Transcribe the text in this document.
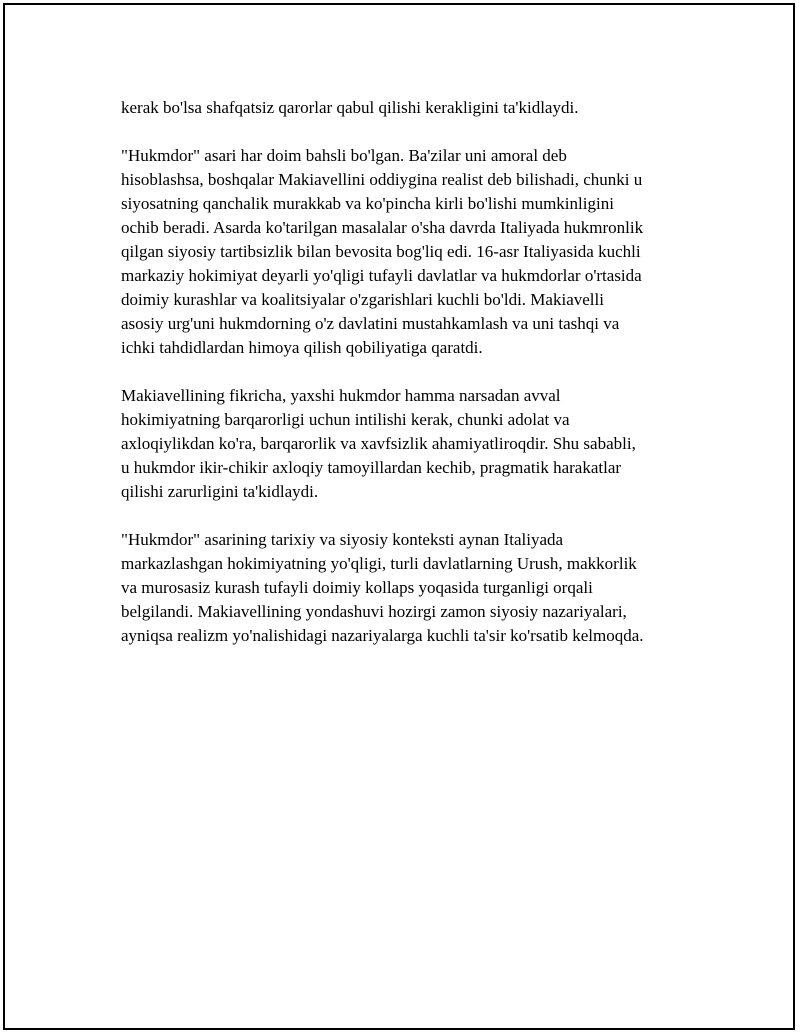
kerak bo'lsa shafqatsiz qarorlar qabul qilishi kerakligini ta'kidlaydi.
"Hukmdor" asari har doim bahsli bo'lgan. Ba'zilar uni amoral deb
hisoblashsa, boshqalar Makiavellini oddiygina realist deb bilishadi, chunki u
siyosatning qanchalik murakkab va ko'pincha kirli bo'lishi mumkinligini
ochib beradi. Asarda ko'tarilgan masalalar o'sha davrda Italiyada hukmronlik
qilgan siyosiy tartibsizlik bilan bevosita bog'liq edi. 16-asr Italiyasida kuchli
markaziy hokimiyat deyarli yo'qligi tufayli davlatlar va hukmdorlar o'rtasida
doimiy kurashlar va koalitsiyalar o'zgarishlari kuchli bo'ldi. Makiavelli
asosiy urg'uni hukmdorning o'z davlatini mustahkamlash va uni tashqi va
ichki tahdidlardan himoya qilish qobiliyatiga qaratdi.
Makiavellining fikricha, yaxshi hukmdor hamma narsadan avval
hokimiyatning barqarorligi uchun intilishi kerak, chunki adolat va
axloqiylikdan ko'ra, barqarorlik va xavfsizlik ahamiyatliroqdir. Shu sababli,
u hukmdor ikir-chikir axloqiy tamoyillardan kechib, pragmatik harakatlar
qilishi zarurligini ta'kidlaydi.
"Hukmdor" asarining tarixiy va siyosiy konteksti aynan Italiyada
markazlashgan hokimiyatning yo'qligi, turli davlatlarning Urush, makkorlik
va murosasiz kurash tufayli doimiy kollaps yoqasida turganligi orqali
belgilandi. Makiavellining yondashuvi hozirgi zamon siyosiy nazariyalari,
ayniqsa realizm yo'nalishidagi nazariyalarga kuchli ta'sir ko'rsatib kelmoqda.
